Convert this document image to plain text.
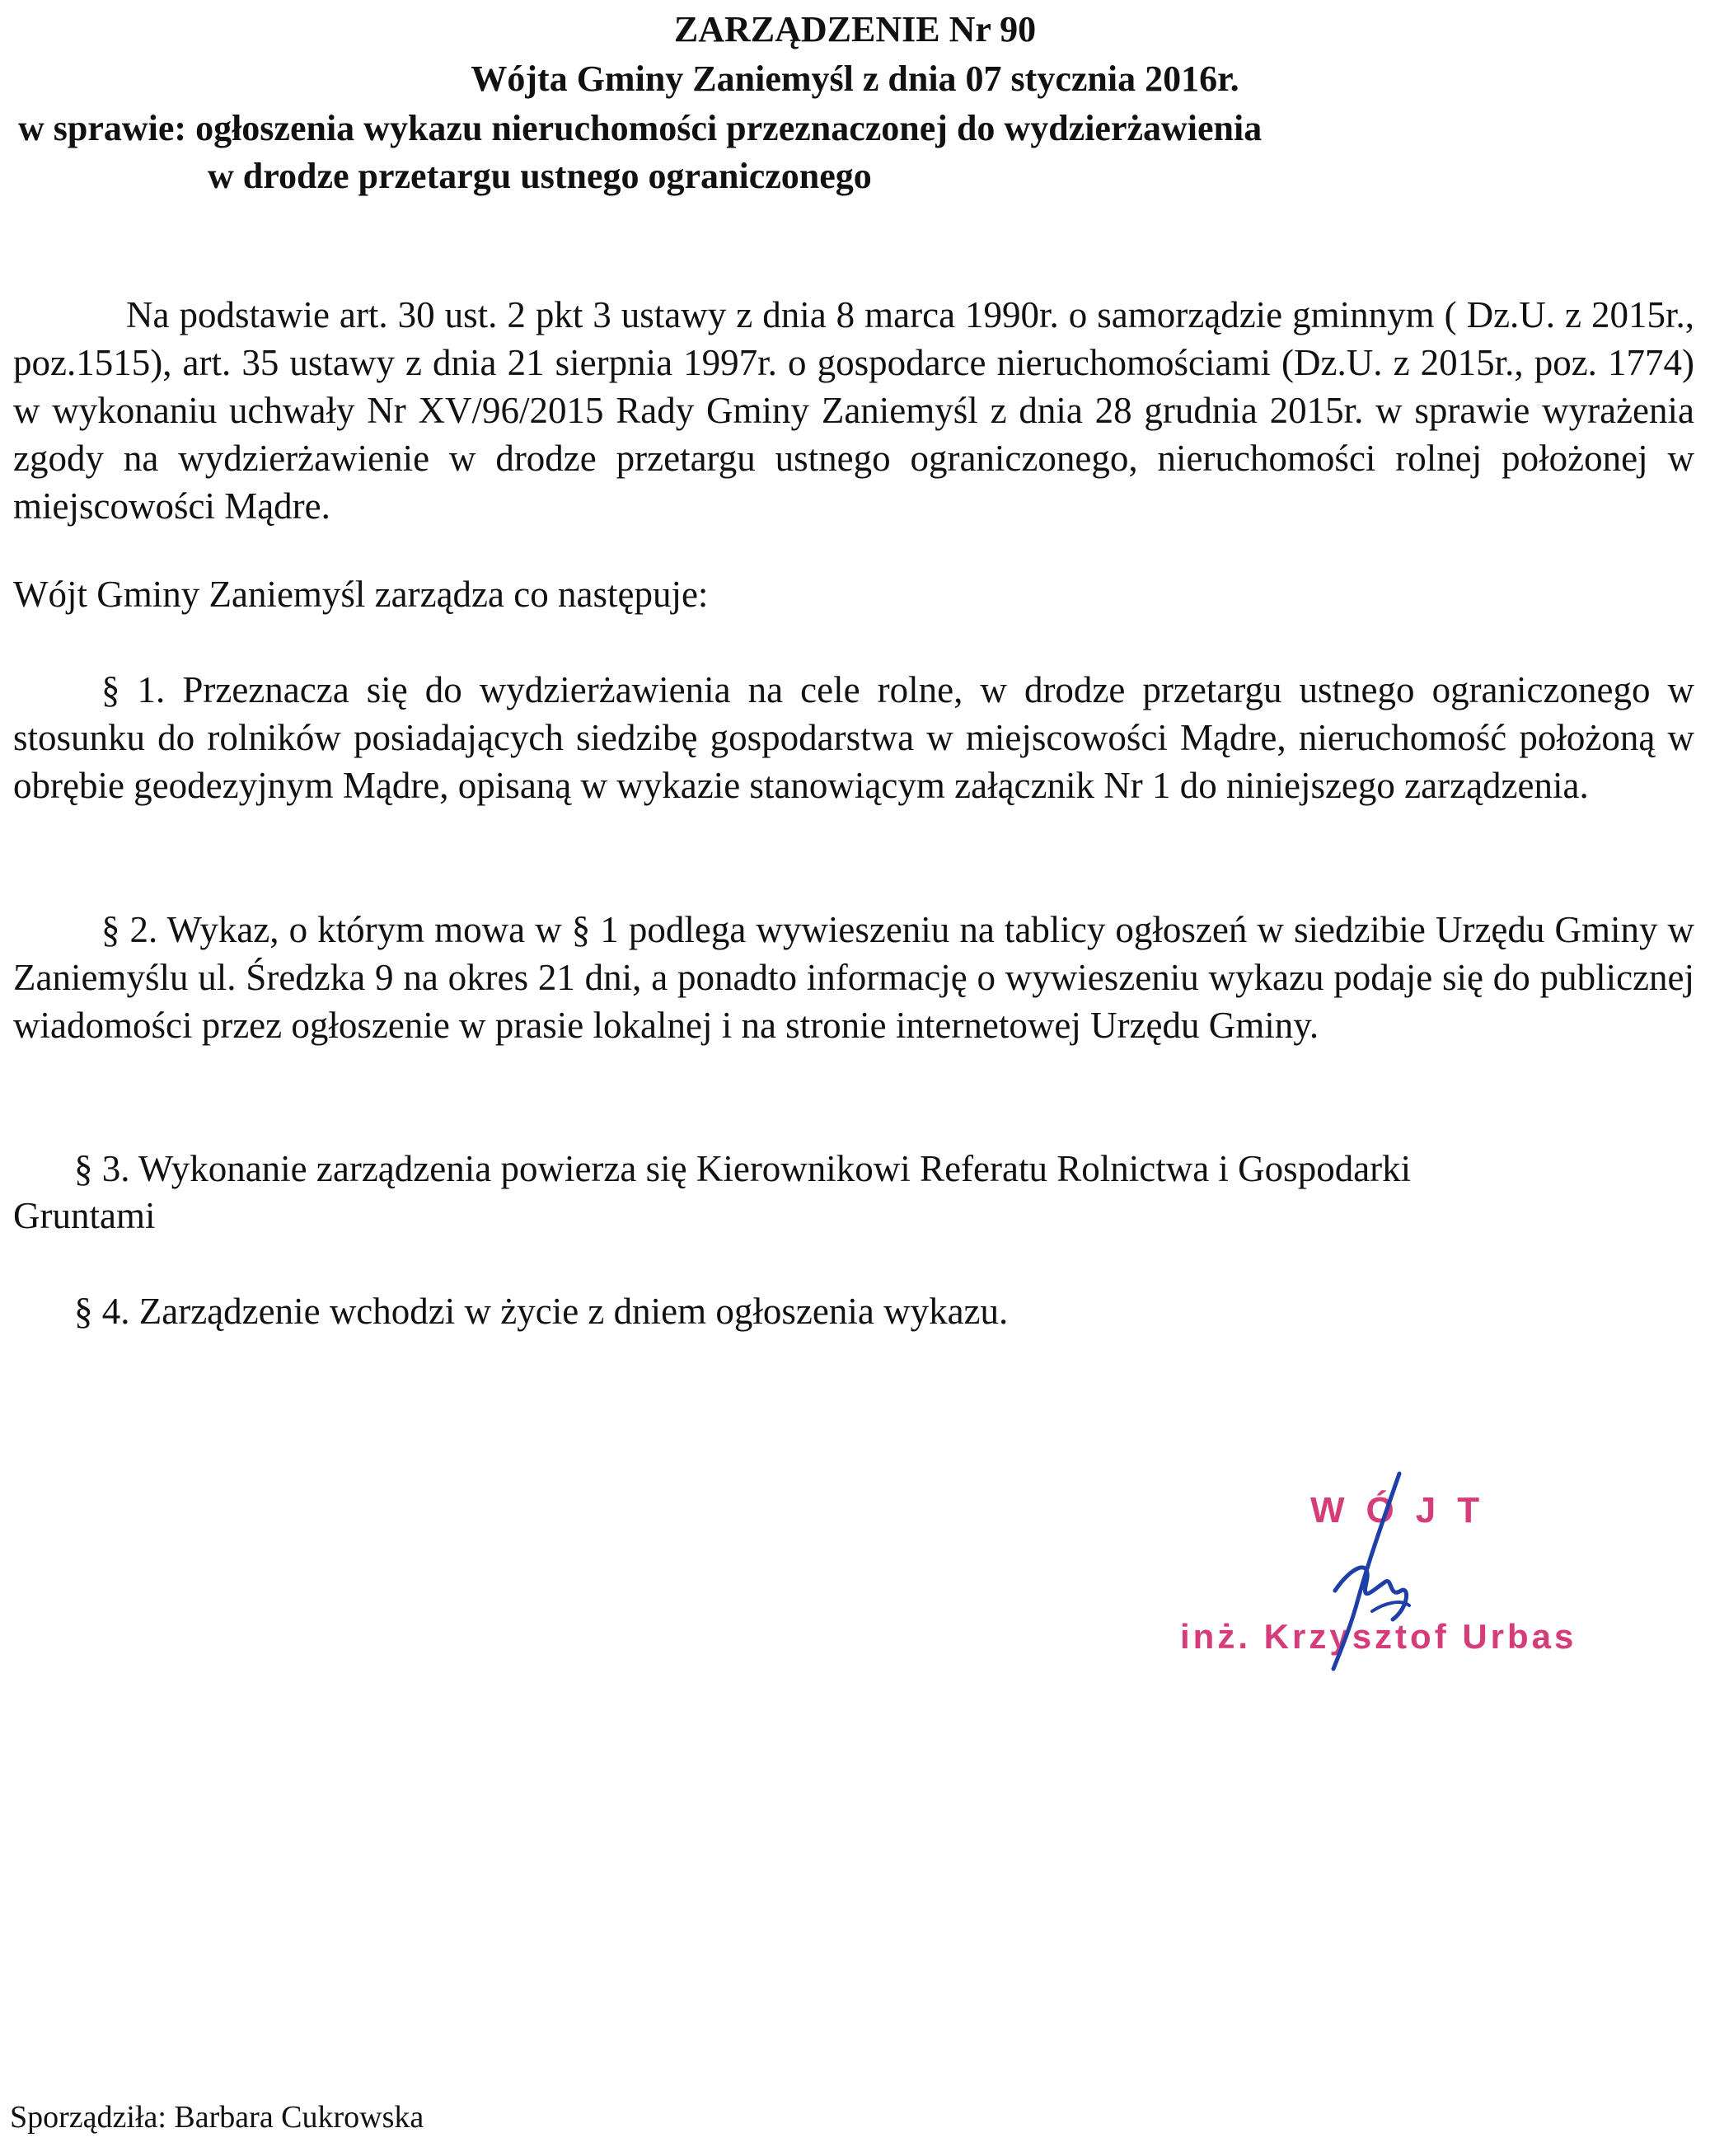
ZARZĄDZENIE Nr 90
Wójta Gminy Zaniemyśl z dnia 07 stycznia 2016r.
w sprawie: ogłoszenia wykazu nieruchomości przeznaczonej do wydzierżawienia
w drodze przetargu ustnego ograniczonego

Na podstawie art. 30 ust. 2 pkt 3 ustawy z dnia 8 marca 1990r. o samorządzie gminnym ( Dz.U. z 2015r., poz.1515), art. 35 ustawy z dnia 21 sierpnia 1997r. o gospodarce nieruchomościami (Dz.U. z 2015r., poz. 1774) w wykonaniu uchwały Nr XV/96/2015 Rady Gminy Zaniemyśl z dnia 28 grudnia 2015r. w sprawie wyrażenia zgody na wydzierżawienie w drodze przetargu ustnego ograniczonego, nieruchomości rolnej położonej w miejscowości Mądre.

Wójt Gminy Zaniemyśl zarządza co następuje:

§ 1. Przeznacza się do wydzierżawienia na cele rolne, w drodze przetargu ustnego ograniczonego w stosunku do rolników posiadających siedzibę gospodarstwa w miejscowości Mądre, nieruchomość położoną w obrębie geodezyjnym Mądre, opisaną w wykazie stanowiącym załącznik Nr 1 do niniejszego zarządzenia.

§ 2. Wykaz, o którym mowa w § 1 podlega wywieszeniu na tablicy ogłoszeń w siedzibie Urzędu Gminy w Zaniemyślu ul. Średzka 9 na okres 21 dni, a ponadto informację o wywieszeniu wykazu podaje się do publicznej wiadomości przez ogłoszenie w prasie lokalnej i na stronie internetowej Urzędu Gminy.

§ 3. Wykonanie zarządzenia powierza się Kierownikowi Referatu Rolnictwa i Gospodarki

Gruntami

§ 4. Zarządzenie wchodzi w życie z dniem ogłoszenia wykazu.

WÓJT
inż. Krzysztof Urbas

Sporządziła: Barbara Cukrowska
